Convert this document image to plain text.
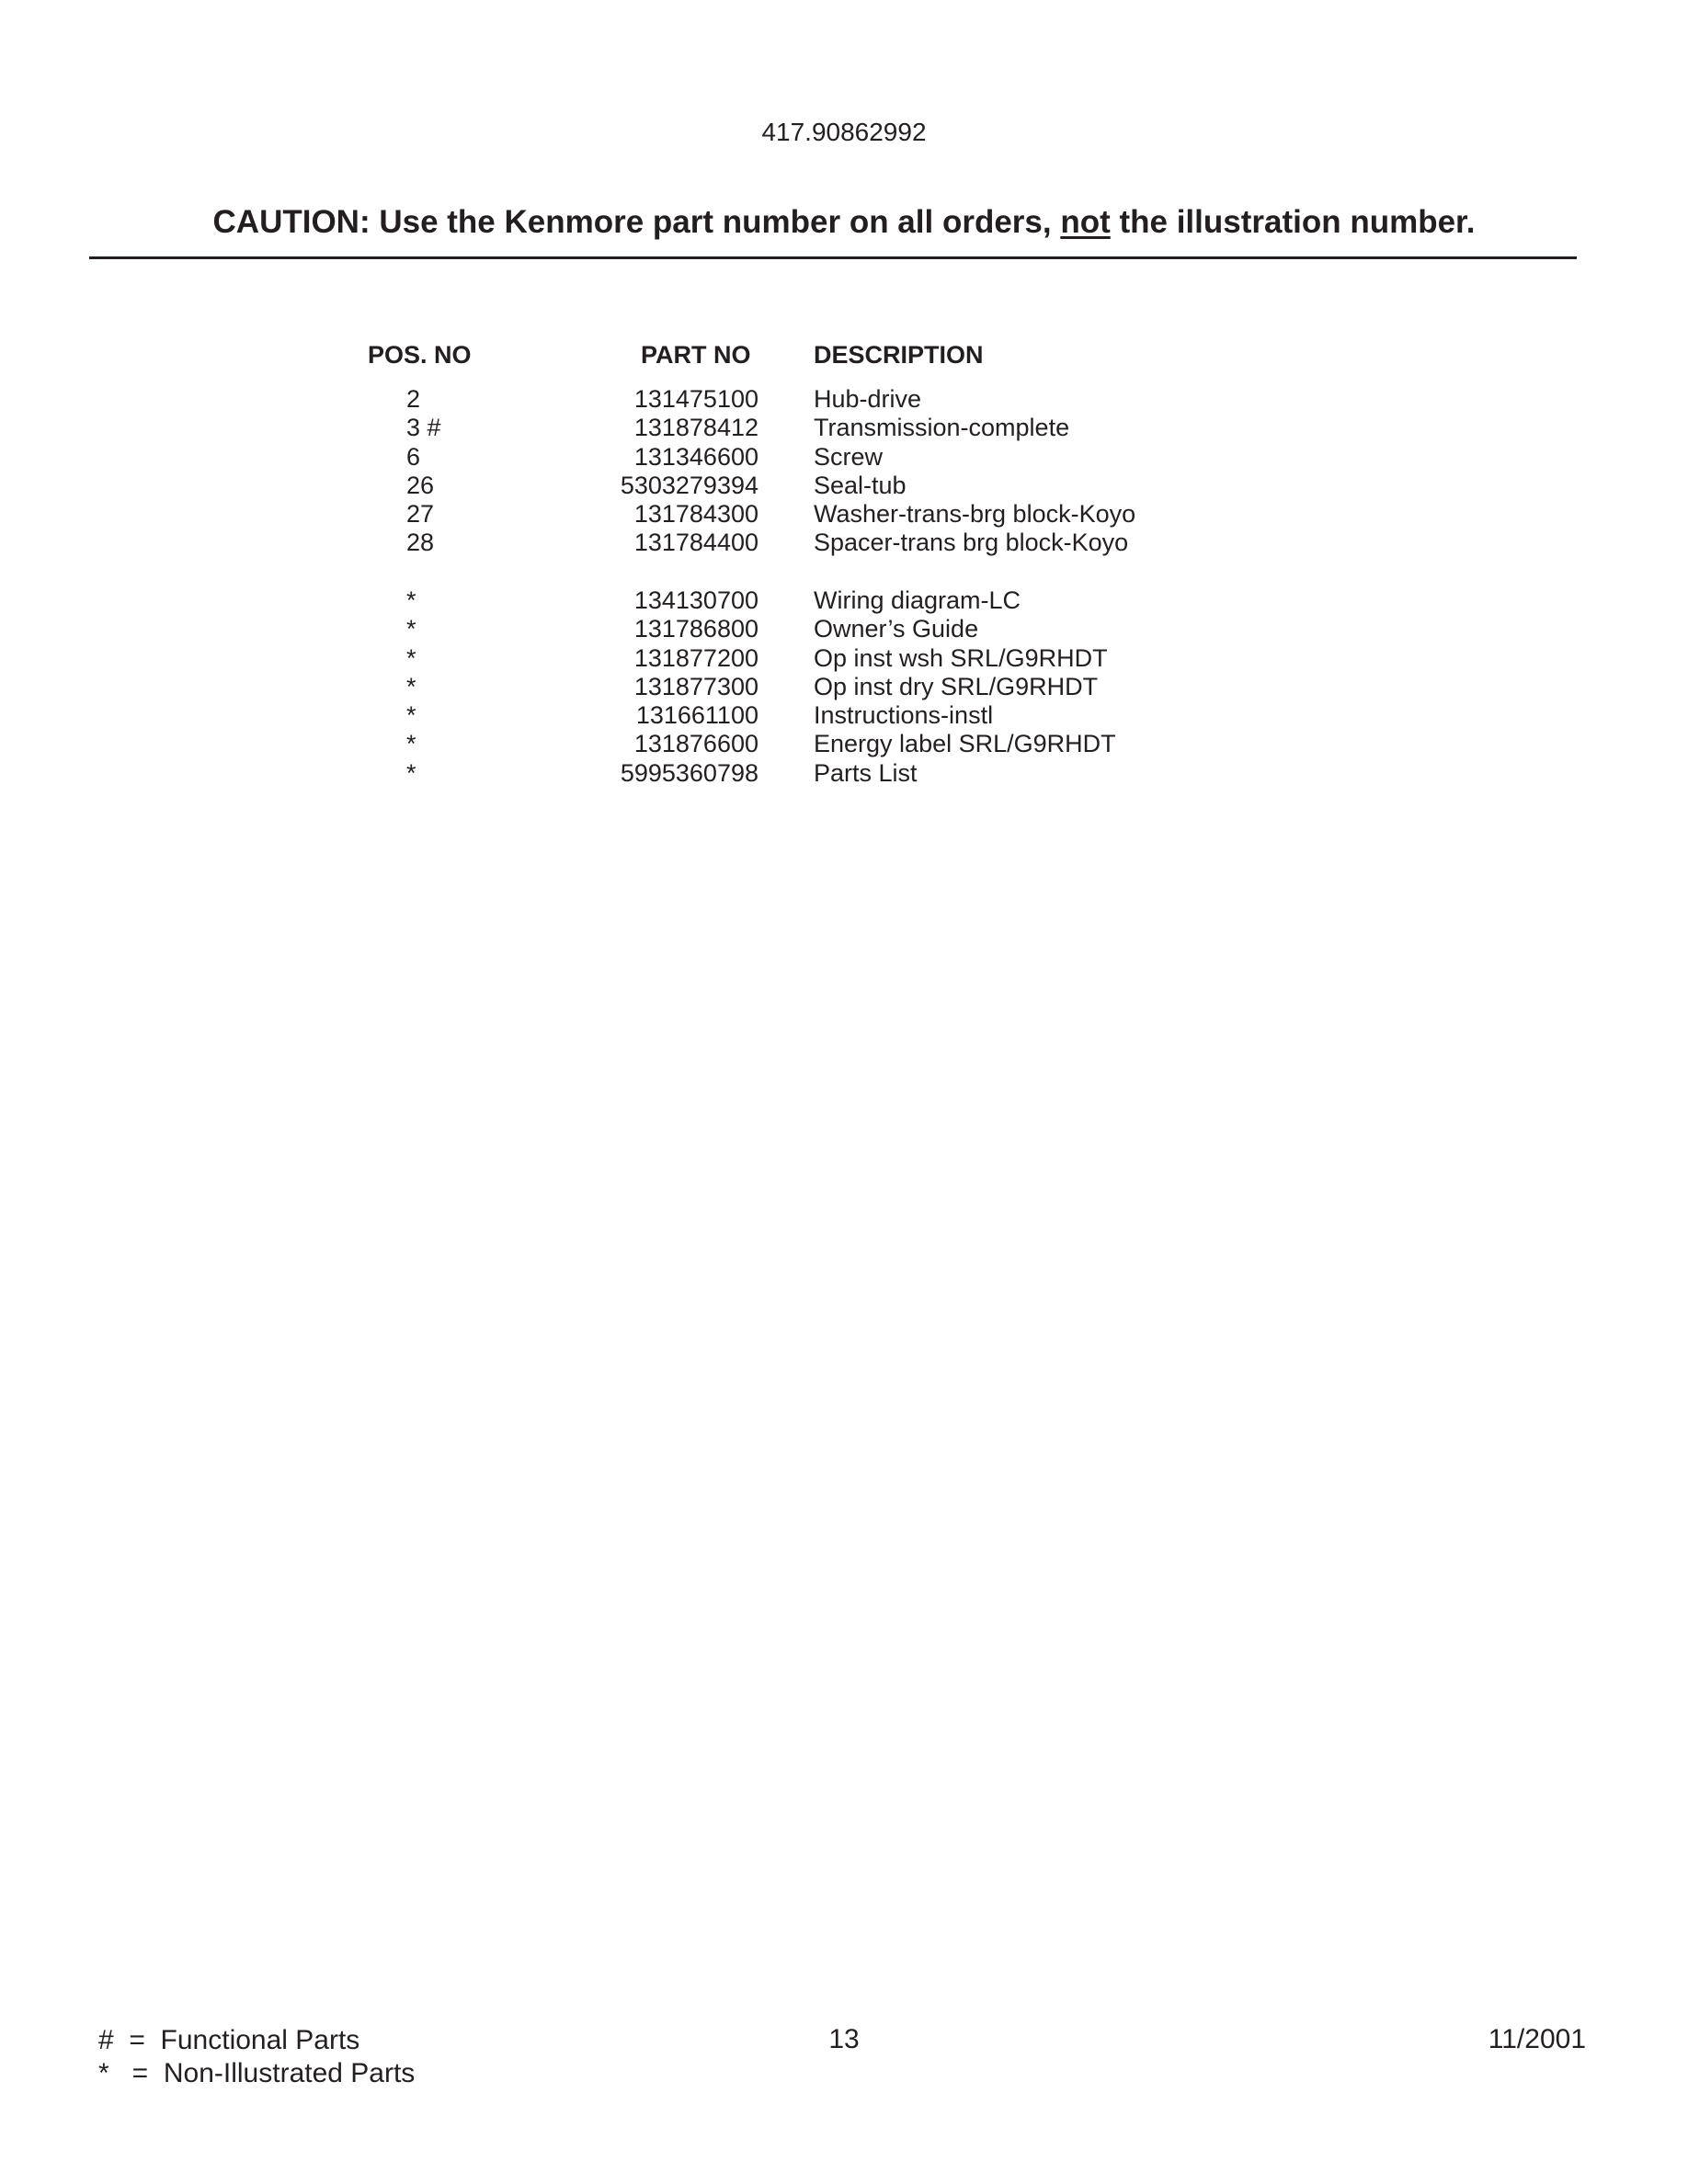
417.90862992
CAUTION: Use the Kenmore part number on all orders, not the illustration number.
POS. NO	PART NO	DESCRIPTION
2	131475100 Hub-drive
3 #	131878412 Transmission-complete
6	131346600 Screw
26	5303279394 Seal-tub
27	131784300 Washer-trans-brg block-Koyo
28	131784400 Spacer-trans brg block-Koyo
*	134130700 Wiring diagram-LC
*	131786800 Owner’s Guide
*	131877200 Op inst wsh SRL/G9RHDT
*	131877300 Op inst dry SRL/G9RHDT
*	131661100 Instructions-instl
*	131876600 Energy label SRL/G9RHDT
*	5995360798 Parts List
#  =  Functional Parts
*   =  Non-Illustrated Parts
13	11/2001
